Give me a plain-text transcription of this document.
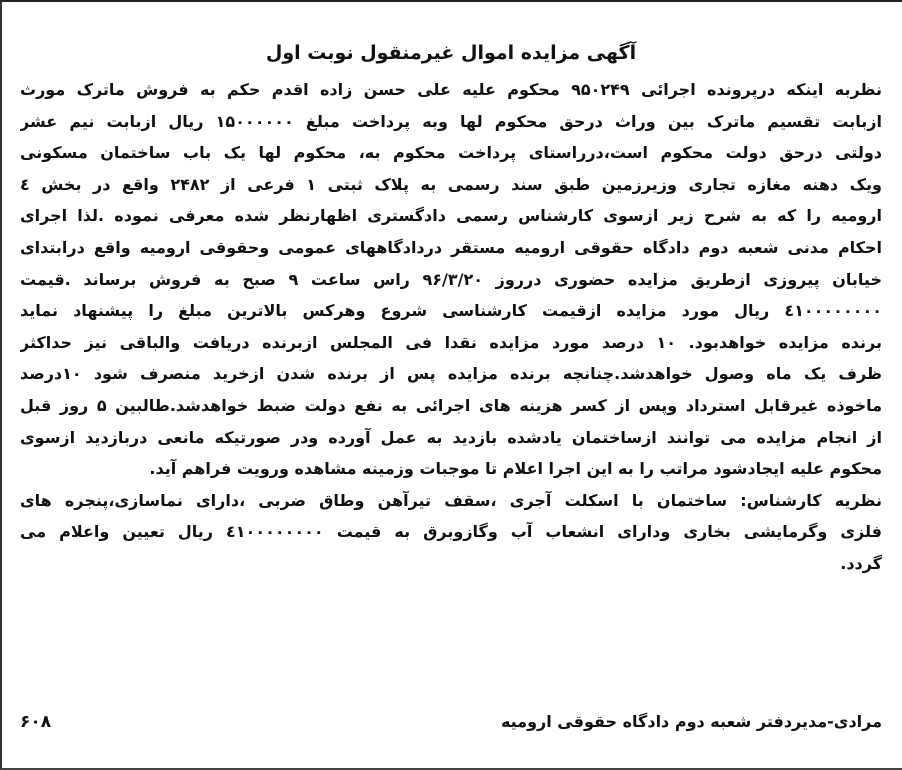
آگهی مزایده اموال غیرمنقول نوبت اول
نظربه اینکه درپرونده اجرائی ۹۵۰۲۴۹ محکوم علیه علی حسن زاده اقدم حکم به فروش ماترک مورث
ازبابت تقسیم ماترک بین وراث درحق محکوم لها وبه پرداخت مبلغ ۱۵۰۰۰۰۰۰ ریال ازبابت نیم عشر
دولتی درحق دولت محکوم است،درراستای پرداخت محکوم به، محکوم لها یک باب ساختمان مسکونی
ویک دهنه مغازه تجاری وزیرزمین طبق سند رسمی به پلاک ثبتی ۱ فرعی از ۲۴۸۲ واقع در بخش ٤
ارومیه را که به شرح زیر ازسوی کارشناس رسمی دادگستری اظهارنظر شده معرفی نموده .لذا اجرای
احکام مدنی شعبه دوم دادگاه حقوقی ارومیه مستقر دردادگاههای عمومی وحقوقی ارومیه واقع درابتدای
خیابان پیروزی ازطریق مزایده حضوری درروز ۹۶/۳/۲۰ راس ساعت ۹ صبح به فروش برساند .قیمت
٤١٠٠٠٠٠٠٠٠ ریال مورد مزایده ازقیمت کارشناسی شروع وهرکس بالاترین مبلغ را پیشنهاد نماید
برنده مزایده خواهدبود. ۱۰ درصد مورد مزایده نقدا فی المجلس ازبرنده دریافت والباقی نیز حداکثر
ظرف یک ماه وصول خواهدشد.چنانچه برنده مزایده پس از برنده شدن ازخرید منصرف شود ۱۰درصد
ماخوذه غیرقابل استرداد وپس از کسر هزینه های اجرائی به نفع دولت ضبط خواهدشد.طالبین ۵ روز قبل
از انجام مزایده می توانند ازساختمان یادشده بازدید به عمل آورده ودر صورتیکه مانعی دربازدید ازسوی
محکوم علیه ایجادشود مراتب را به این اجرا اعلام تا موجبات وزمینه مشاهده ورویت فراهم آید.
نظریه کارشناس: ساختمان با اسکلت آجری ،سقف تیرآهن وطاق ضربی ،دارای نماسازی،پنجره های
فلزی وگرمایشی بخاری ودارای انشعاب آب وگازوبرق به قیمت ٤١٠٠٠٠٠٠٠٠ ریال تعیین واعلام می
گردد.
مرادی-مدیردفتر شعبه دوم دادگاه حقوقی ارومیه
۶۰۸
